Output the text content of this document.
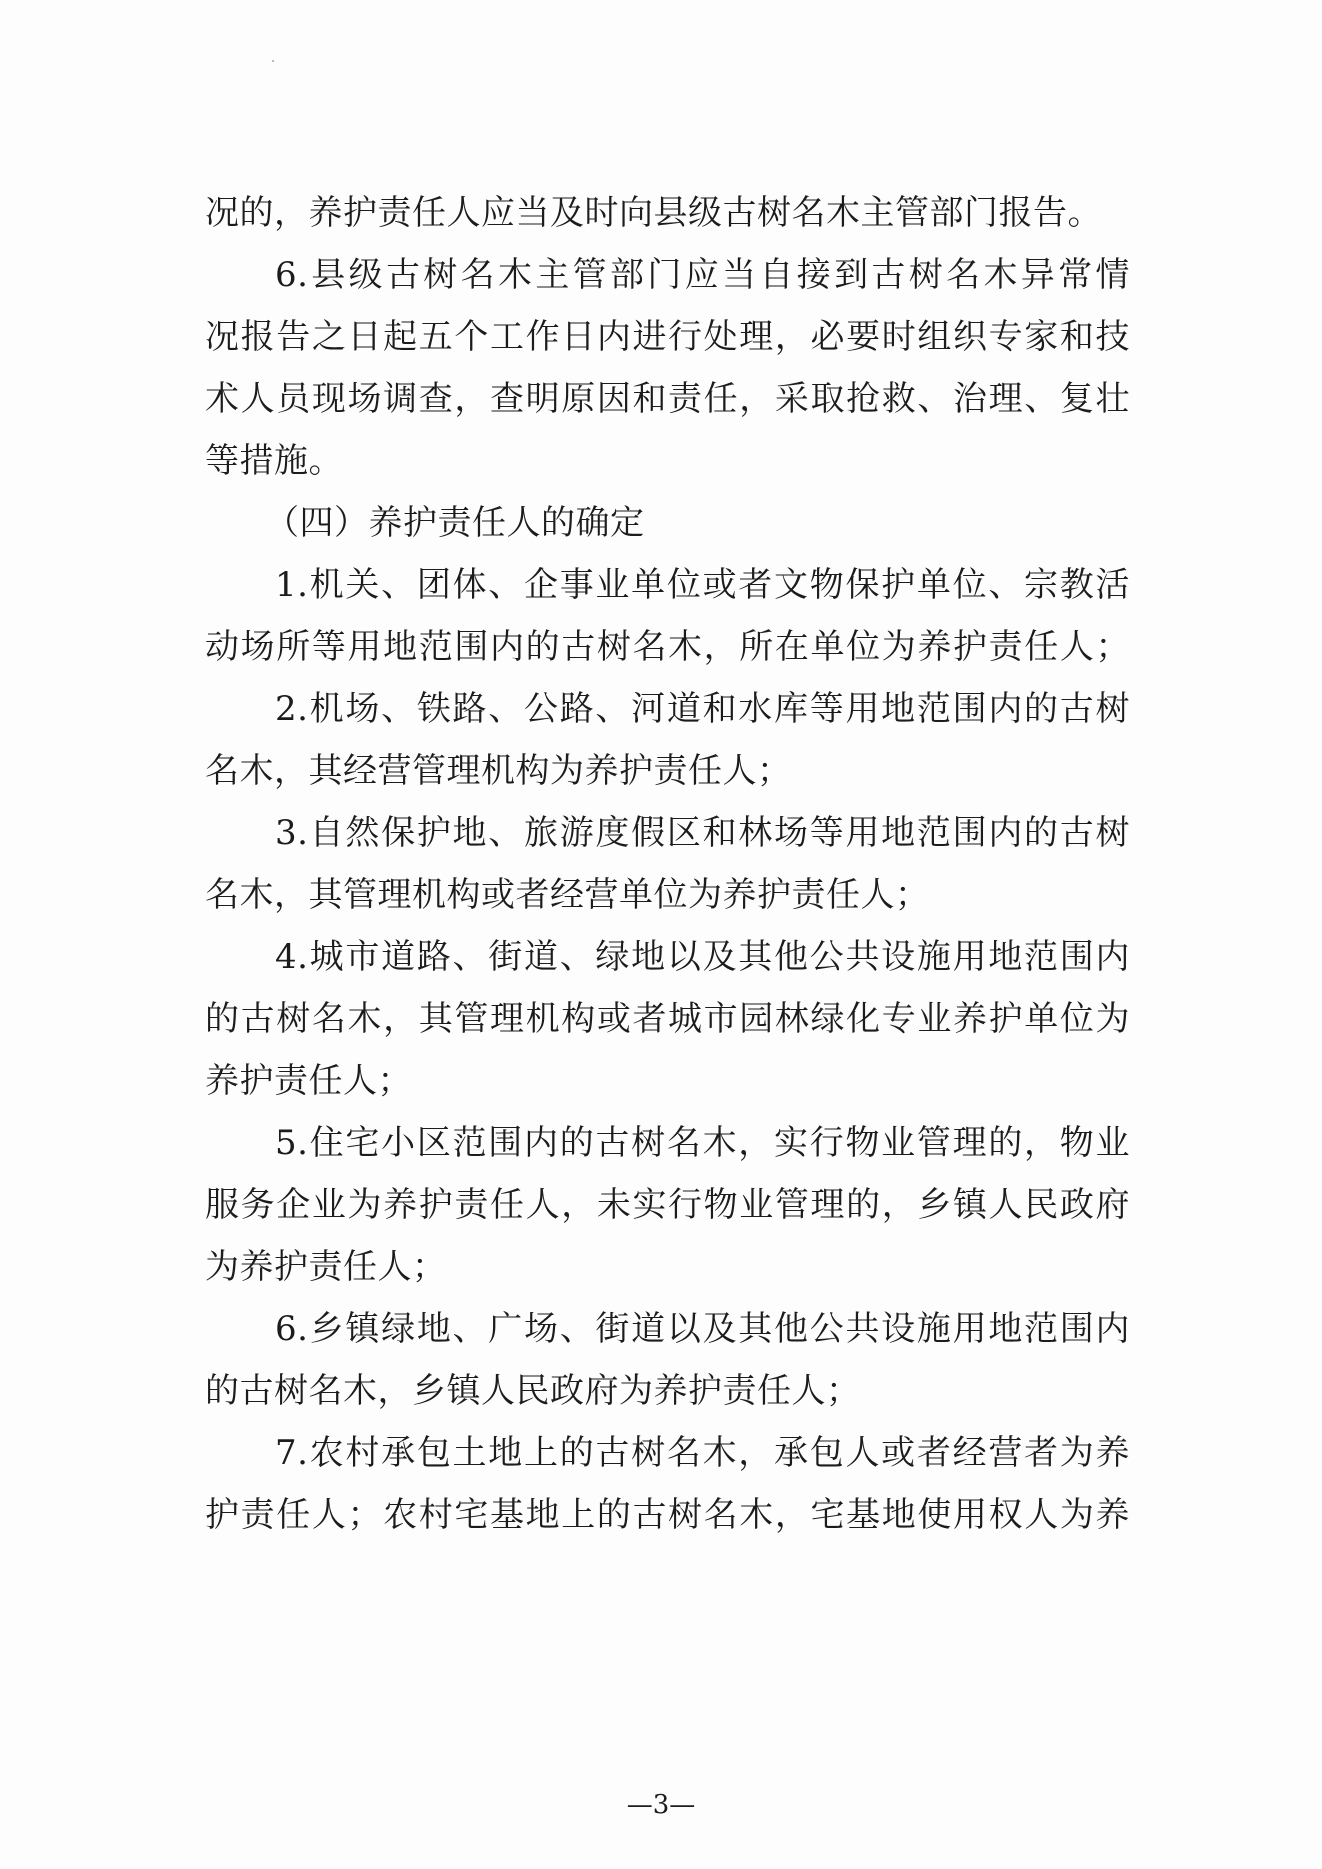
况的，养护责任人应当及时向县级古树名木主管部门报告。
6.县级古树名木主管部门应当自接到古树名木异常情
况报告之日起五个工作日内进行处理，必要时组织专家和技
术人员现场调查，查明原因和责任，采取抢救、治理、复壮
等措施。
（四）养护责任人的确定
1.机关、团体、企事业单位或者文物保护单位、宗教活
动场所等用地范围内的古树名木，所在单位为养护责任人；
2.机场、铁路、公路、河道和水库等用地范围内的古树
名木，其经营管理机构为养护责任人；
3.自然保护地、旅游度假区和林场等用地范围内的古树
名木，其管理机构或者经营单位为养护责任人；
4.城市道路、街道、绿地以及其他公共设施用地范围内
的古树名木，其管理机构或者城市园林绿化专业养护单位为
养护责任人；
5.住宅小区范围内的古树名木，实行物业管理的，物业
服务企业为养护责任人，未实行物业管理的，乡镇人民政府
为养护责任人；
6.乡镇绿地、广场、街道以及其他公共设施用地范围内
的古树名木，乡镇人民政府为养护责任人；
7.农村承包土地上的古树名木，承包人或者经营者为养
护责任人；农村宅基地上的古树名木，宅基地使用权人为养
—3—
